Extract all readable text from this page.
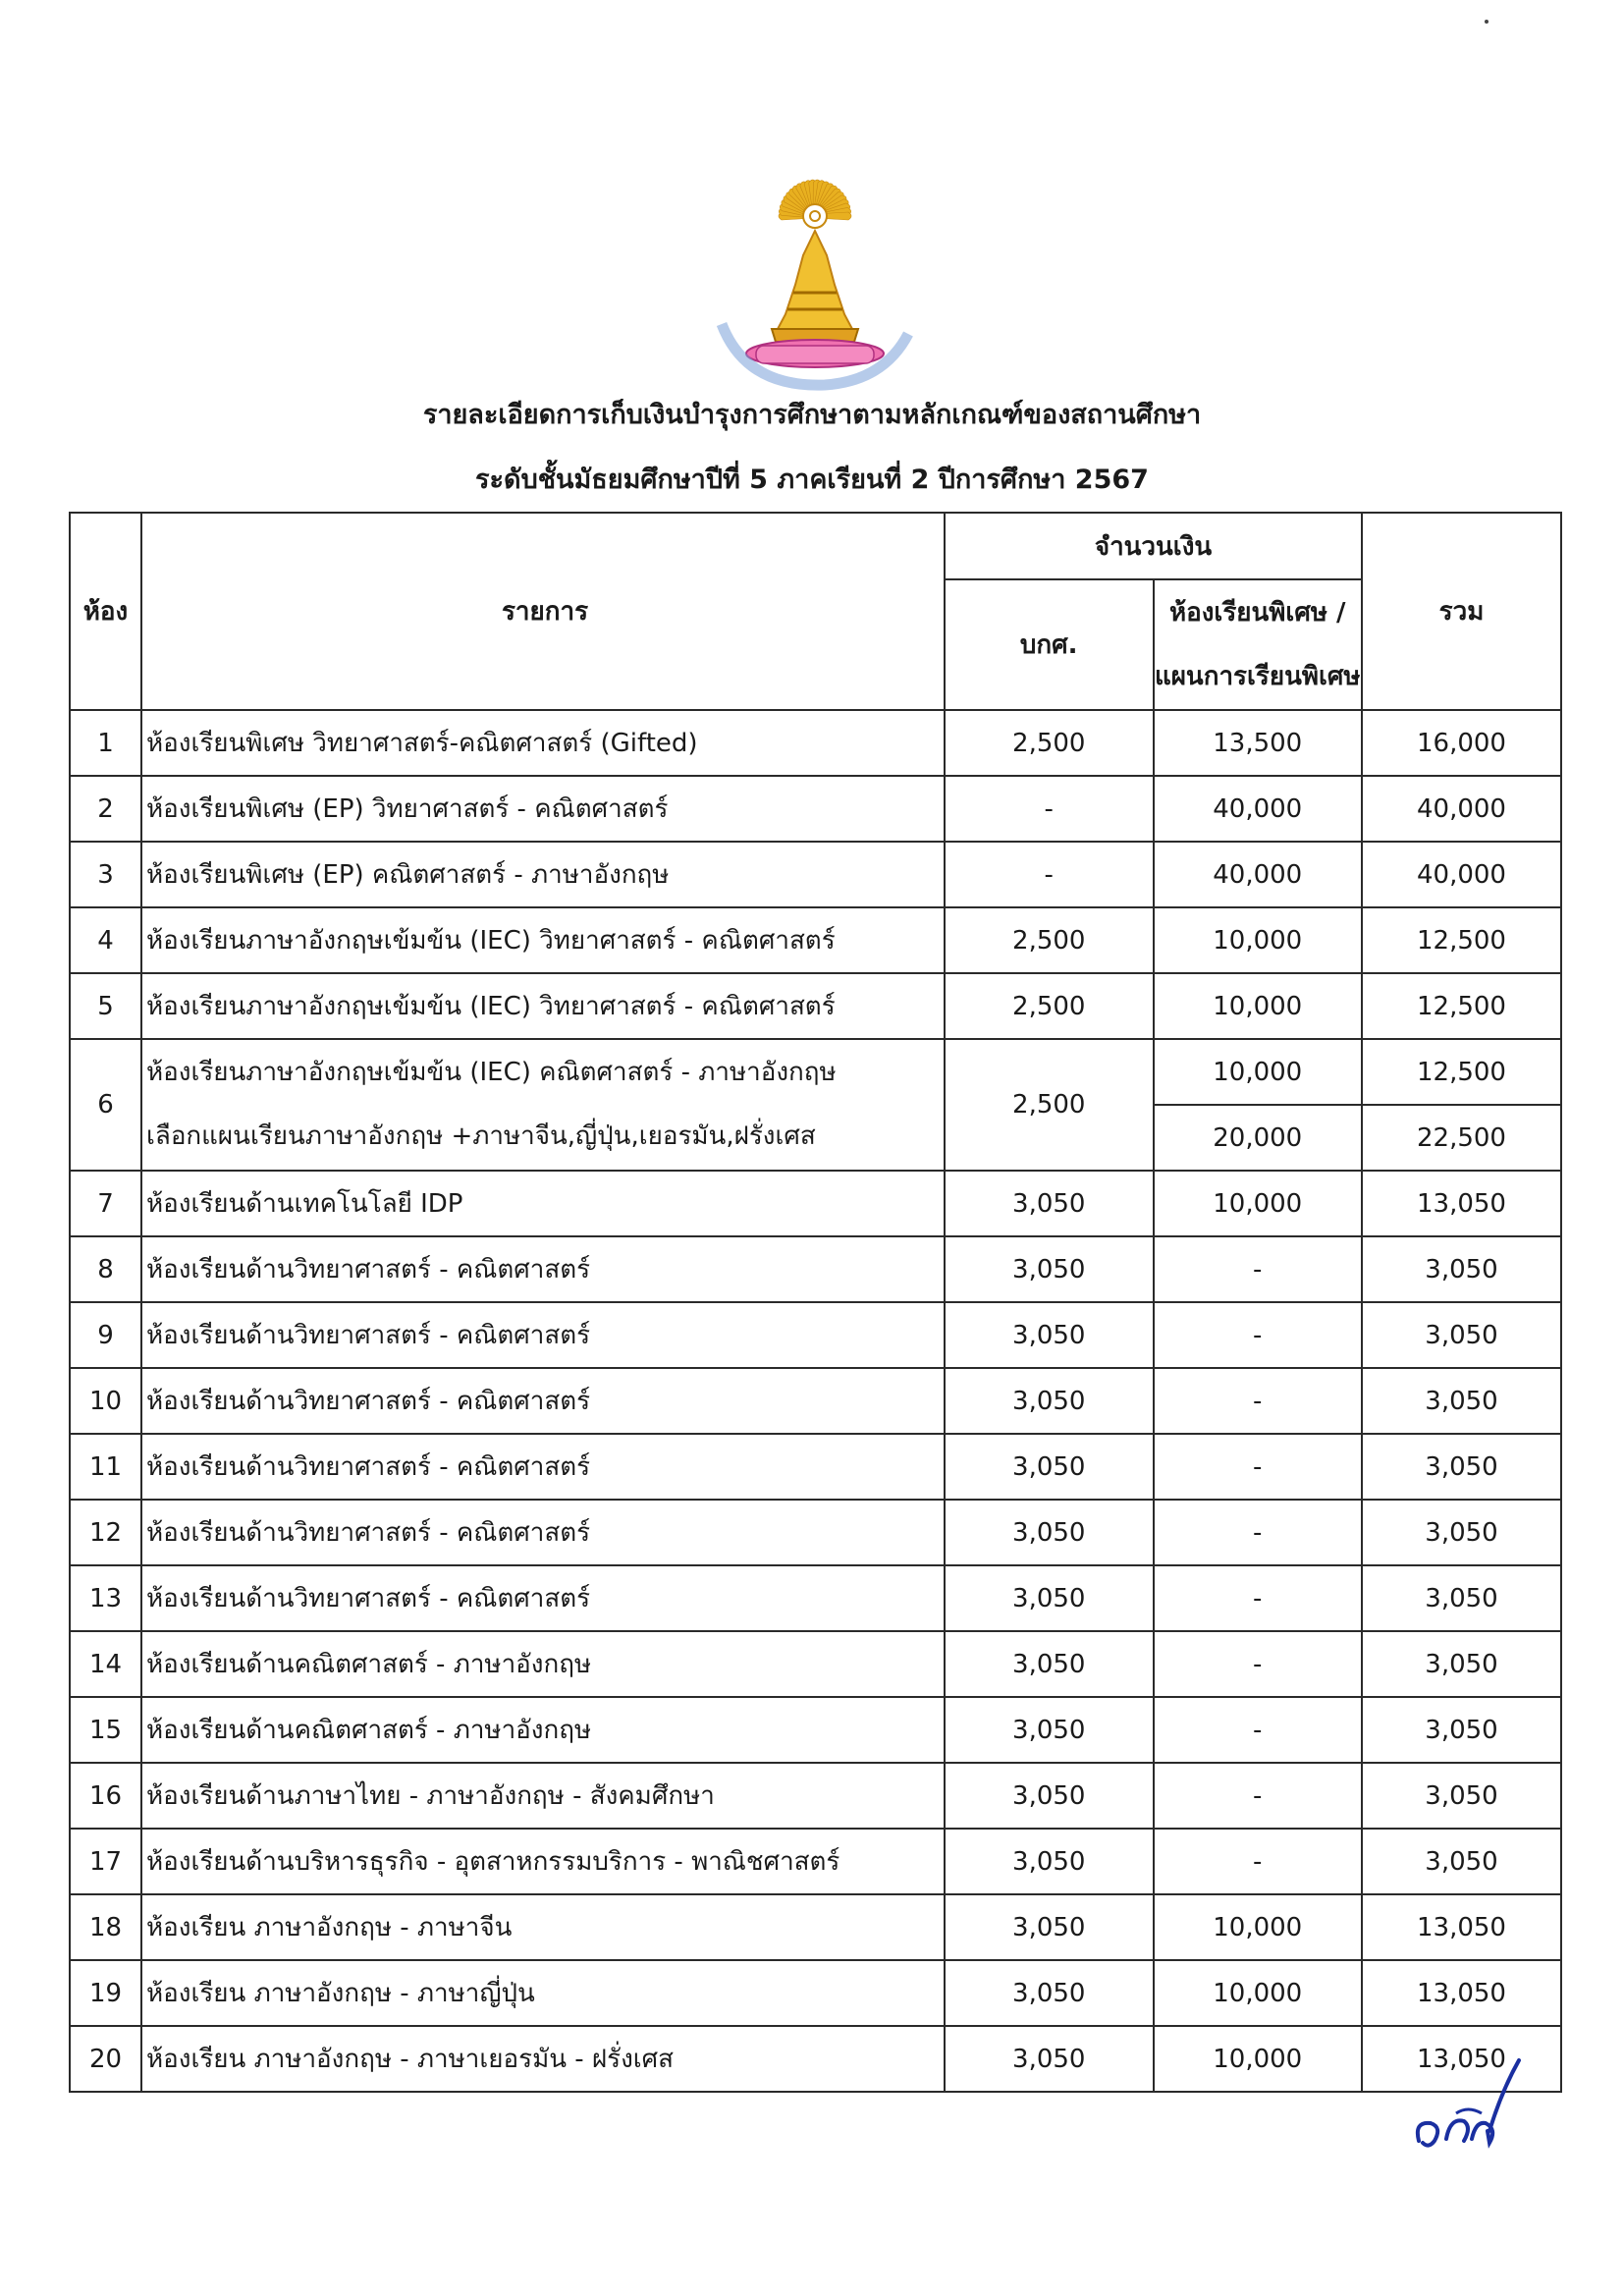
รายละเอียดการเก็บเงินบำรุงการศึกษาตามหลักเกณฑ์ของสถานศึกษา
ระดับชั้นมัธยมศึกษาปีที่ 5 ภาคเรียนที่ 2 ปีการศึกษา 2567
ห้อง	รายการ	จำนวนเงิน		รวม
		บกศ.	ห้องเรียนพิเศษ /
แผนการเรียนพิเศษ	

1	ห้องเรียนพิเศษ วิทยาศาสตร์-คณิตศาสตร์ (Gifted)	2,500	13,500	16,000
2	ห้องเรียนพิเศษ (EP) วิทยาศาสตร์ - คณิตศาสตร์	-	40,000	40,000
3	ห้องเรียนพิเศษ (EP) คณิตศาสตร์ - ภาษาอังกฤษ	-	40,000	40,000
4	ห้องเรียนภาษาอังกฤษเข้มข้น (IEC) วิทยาศาสตร์ - คณิตศาสตร์	2,500	10,000	12,500
5	ห้องเรียนภาษาอังกฤษเข้มข้น (IEC) วิทยาศาสตร์ - คณิตศาสตร์	2,500	10,000	12,500
6	ห้องเรียนภาษาอังกฤษเข้มข้น (IEC) คณิตศาสตร์ - ภาษาอังกฤษ
เลือกแผนเรียนภาษาอังกฤษ +ภาษาจีน,ญี่ปุ่น,เยอรมัน,ฝรั่งเศส	2,500	10,000	12,500
			20,000	22,500
7	ห้องเรียนด้านเทคโนโลยี IDP	3,050	10,000	13,050
8	ห้องเรียนด้านวิทยาศาสตร์ - คณิตศาสตร์	3,050	-	3,050
9	ห้องเรียนด้านวิทยาศาสตร์ - คณิตศาสตร์	3,050	-	3,050
10	ห้องเรียนด้านวิทยาศาสตร์ - คณิตศาสตร์	3,050	-	3,050
11	ห้องเรียนด้านวิทยาศาสตร์ - คณิตศาสตร์	3,050	-	3,050
12	ห้องเรียนด้านวิทยาศาสตร์ - คณิตศาสตร์	3,050	-	3,050
13	ห้องเรียนด้านวิทยาศาสตร์ - คณิตศาสตร์	3,050	-	3,050
14	ห้องเรียนด้านคณิตศาสตร์ - ภาษาอังกฤษ	3,050	-	3,050
15	ห้องเรียนด้านคณิตศาสตร์ - ภาษาอังกฤษ	3,050	-	3,050
16	ห้องเรียนด้านภาษาไทย - ภาษาอังกฤษ - สังคมศึกษา	3,050	-	3,050
17	ห้องเรียนด้านบริหารธุรกิจ - อุตสาหกรรมบริการ - พาณิชศาสตร์	3,050	-	3,050
18	ห้องเรียน ภาษาอังกฤษ - ภาษาจีน	3,050	10,000	13,050
19	ห้องเรียน ภาษาอังกฤษ - ภาษาญี่ปุ่น	3,050	10,000	13,050
20	ห้องเรียน ภาษาอังกฤษ - ภาษาเยอรมัน - ฝรั่งเศส	3,050	10,000	13,050
